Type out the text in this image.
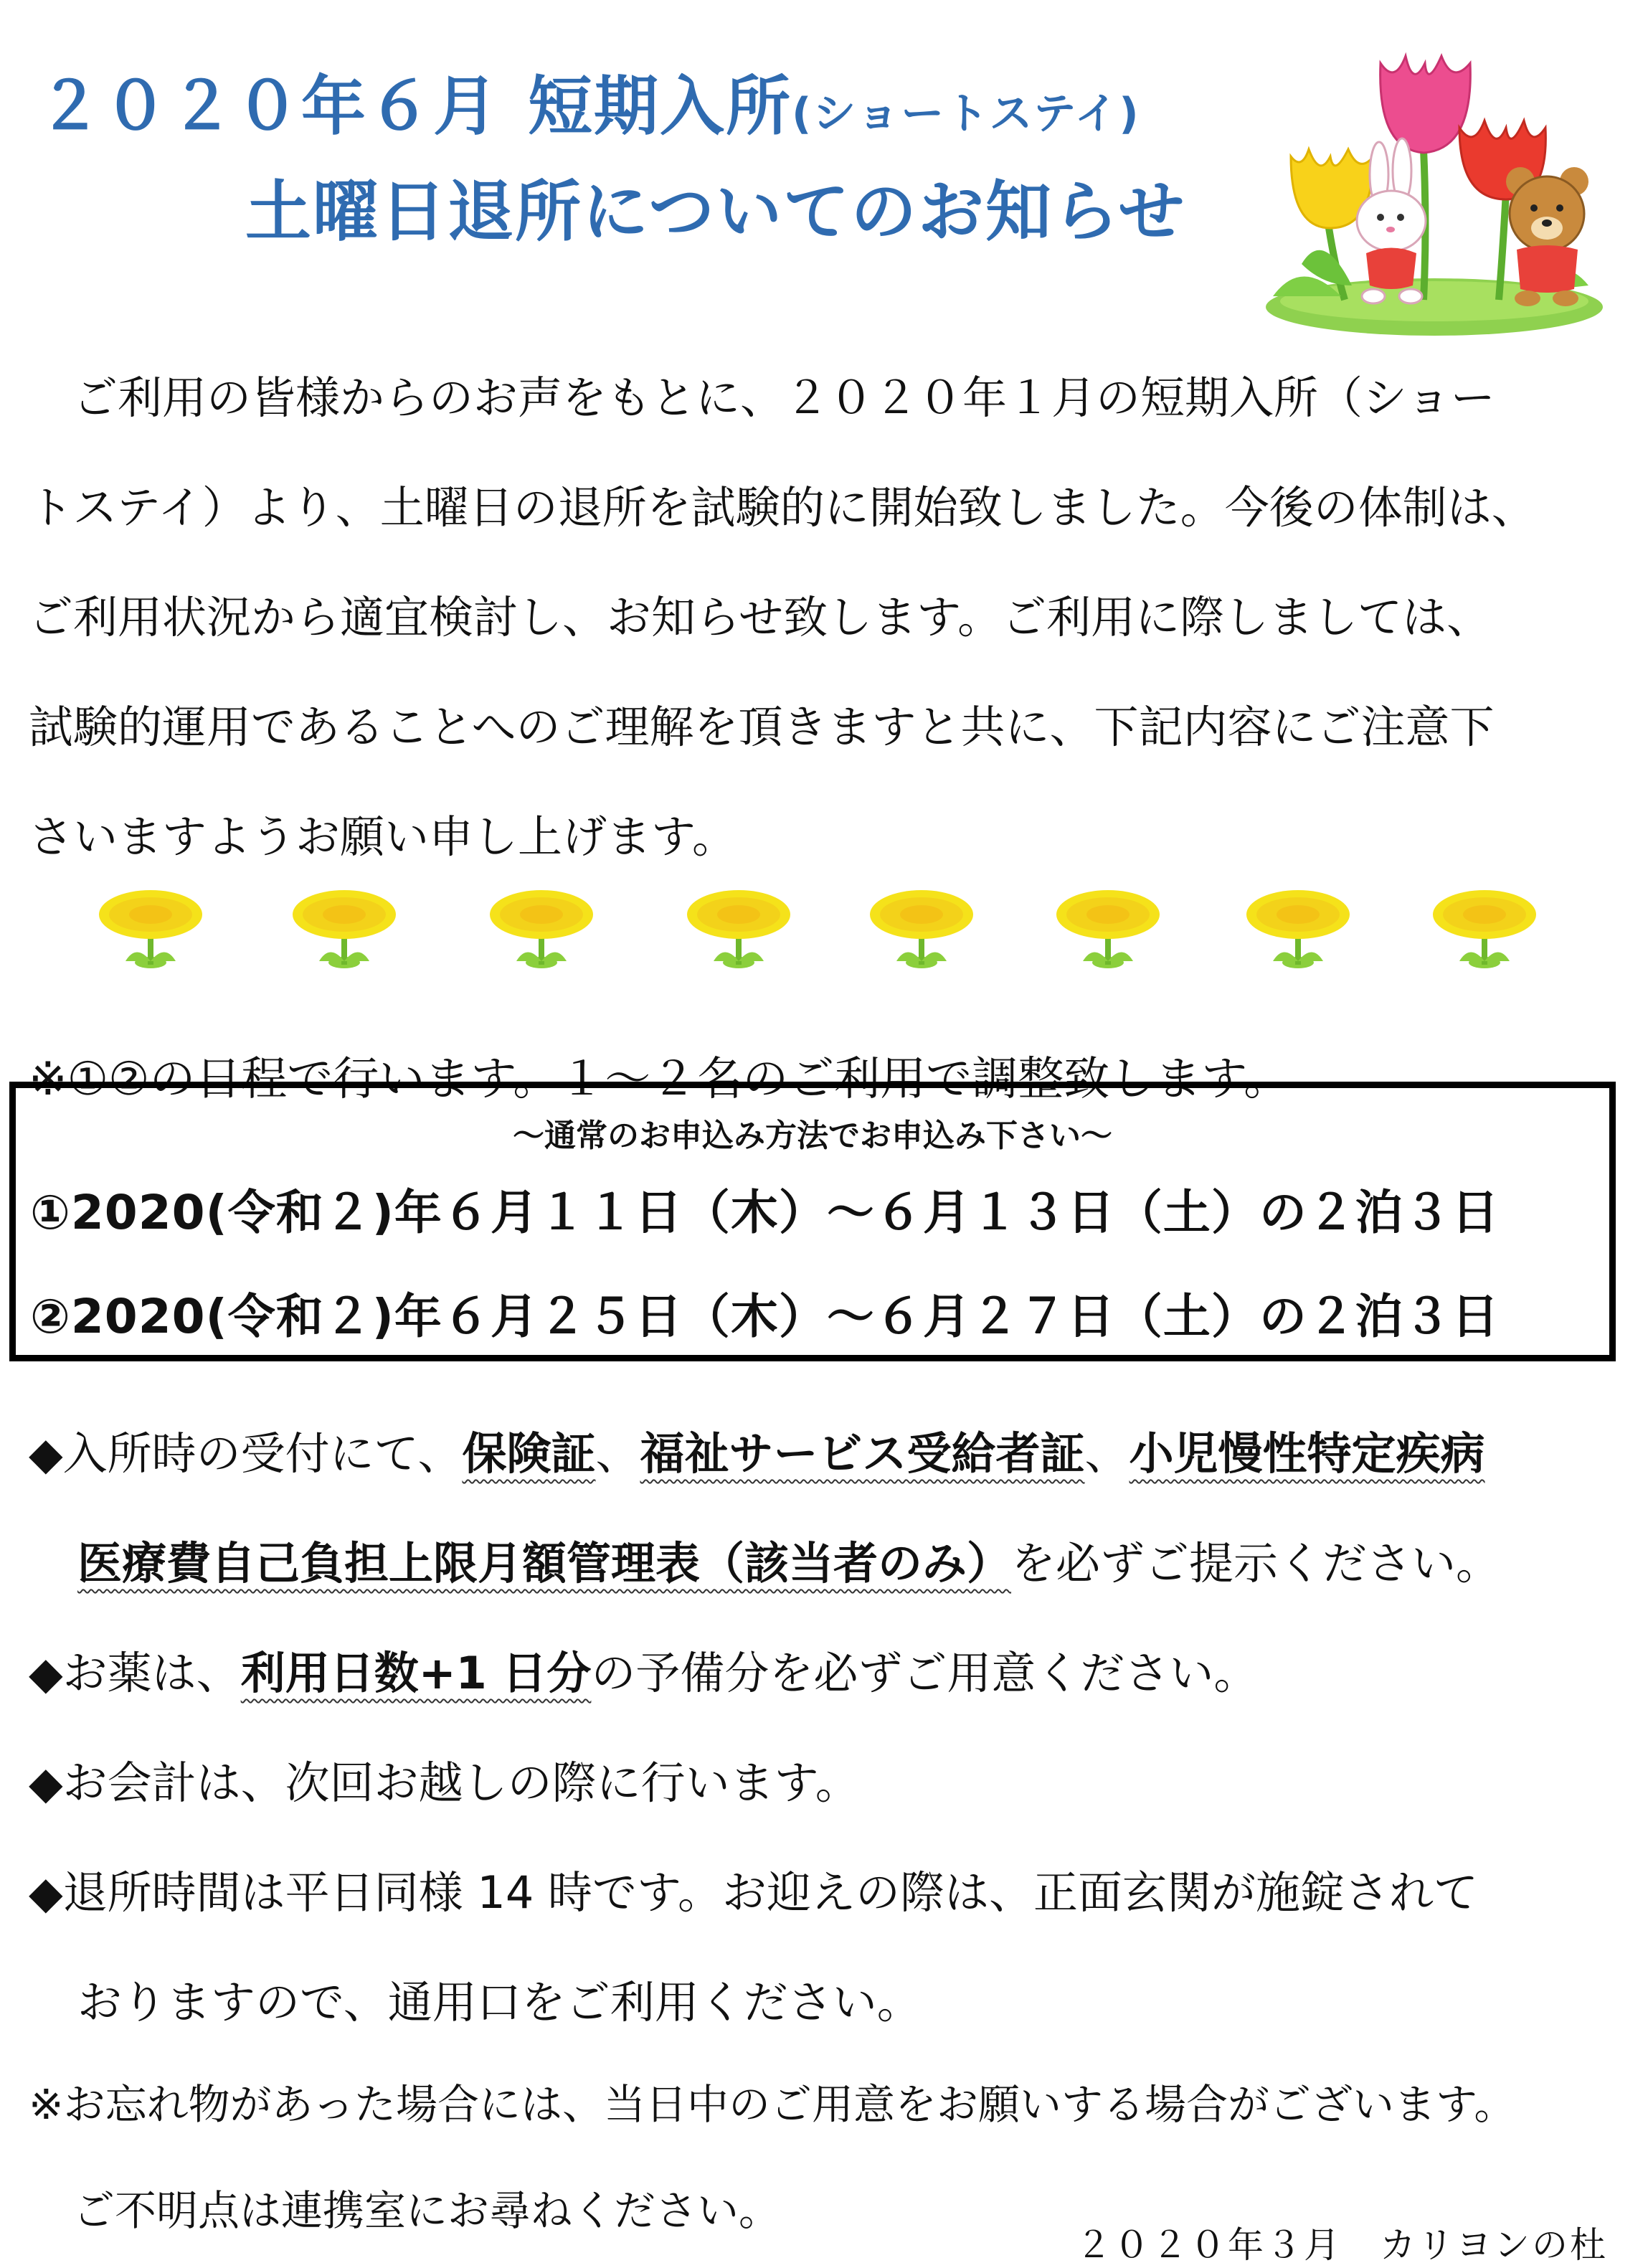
２０２０年６月 短期入所(ショートステイ)
土曜日退所についてのお知らせ

　ご利用の皆様からのお声をもとに、２０２０年１月の短期入所（ショー

トステイ）より、土曜日の退所を試験的に開始致しました。今後の体制は、

ご利用状況から適宜検討し、お知らせ致します。ご利用に際しましては、

試験的運用であることへのご理解を頂きますと共に、下記内容にご注意下

さいますようお願い申し上げます。

※①②の日程で行います。１～２名のご利用で調整致します。

～通常のお申込み方法でお申込み下さい～
①2020(令和２)年６月１１日（木）～６月１３日（土）の２泊３日
②2020(令和２)年６月２５日（木）～６月２７日（土）の２泊３日

◆入所時の受付にて、保険証、福祉サービス受給者証、小児慢性特定疾病

医療費自己負担上限月額管理表（該当者のみ）を必ずご提示ください。

◆お薬は、利用日数+1 日分の予備分を必ずご用意ください。

◆お会計は、次回お越しの際に行います。

◆退所時間は平日同様 14 時です。お迎えの際は、正面玄関が施錠されて

おりますので、通用口をご利用ください。

※お忘れ物があった場合には、当日中のご用意をお願いする場合がございます。

ご不明点は連携室にお尋ねください。

２０２０年３月　カリヨンの杜
